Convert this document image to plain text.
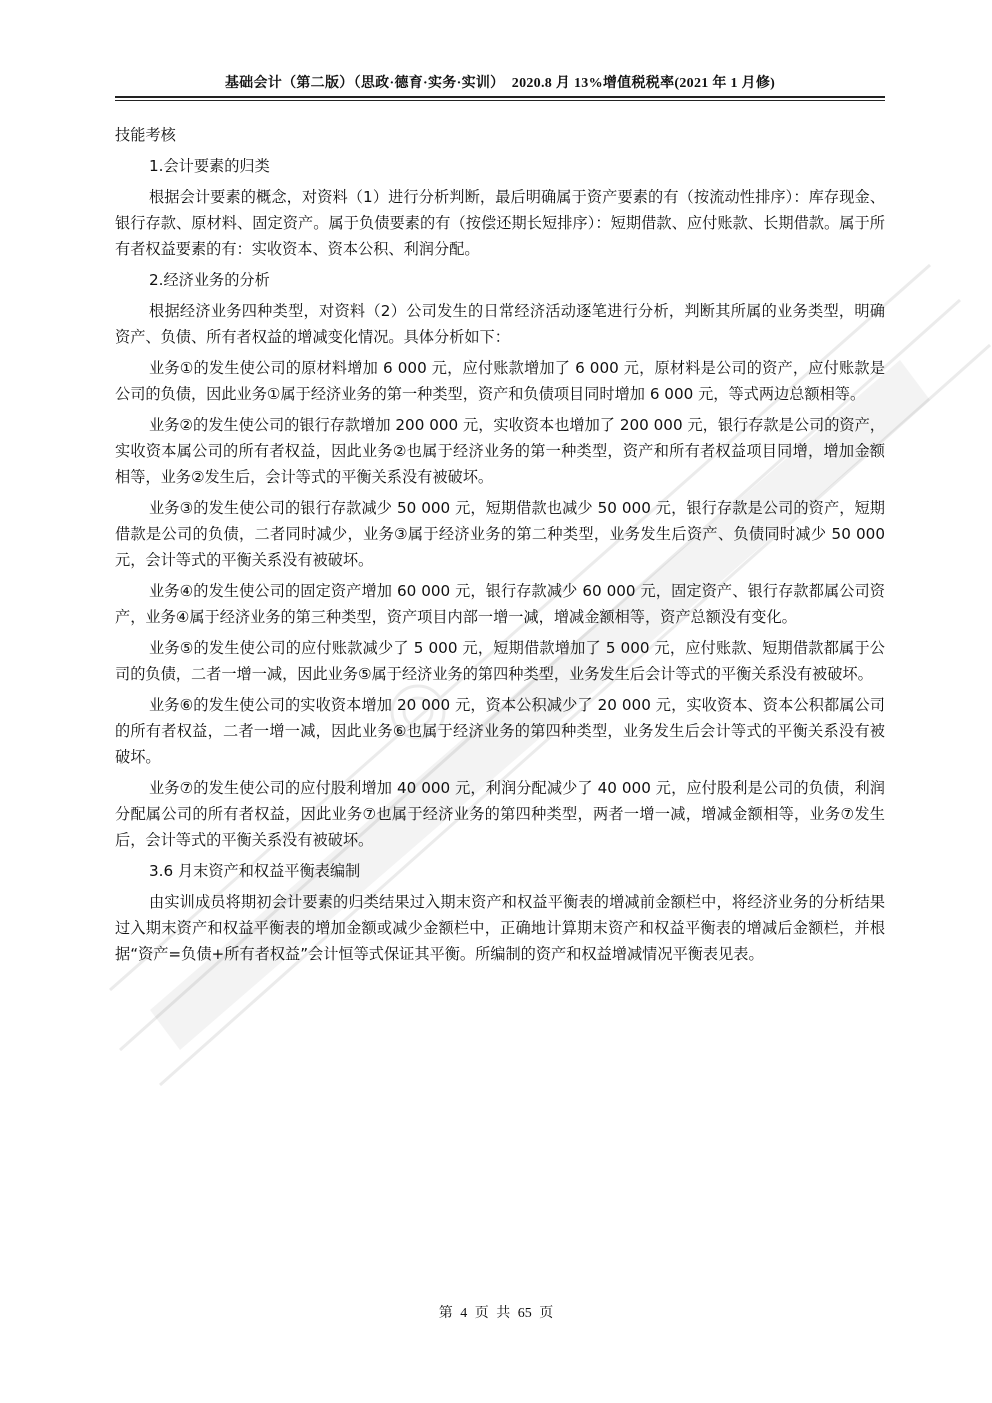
基础会计（第二版）（思政·德育·实务·实训）　2020.8 月 13%增值税税率(2021 年 1 月修)

技能考核

1.会计要素的归类

根据会计要素的概念，对资料（1）进行分析判断，最后明确属于资产要素的有（按流动性排序）：库存现金、银行存款、原材料、固定资产。属于负债要素的有（按偿还期长短排序）：短期借款、应付账款、长期借款。属于所有者权益要素的有：实收资本、资本公积、利润分配。

2.经济业务的分析

根据经济业务四种类型，对资料（2）公司发生的日常经济活动逐笔进行分析，判断其所属的业务类型，明确资产、负债、所有者权益的增减变化情况。具体分析如下：

业务①的发生使公司的原材料增加 6 000 元，应付账款增加了 6 000 元，原材料是公司的资产，应付账款是公司的负债，因此业务①属于经济业务的第一种类型，资产和负债项目同时增加 6 000 元，等式两边总额相等。

业务②的发生使公司的银行存款增加 200 000 元，实收资本也增加了 200 000 元，银行存款是公司的资产，实收资本属公司的所有者权益，因此业务②也属于经济业务的第一种类型，资产和所有者权益项目同增，增加金额相等，业务②发生后，会计等式的平衡关系没有被破坏。

业务③的发生使公司的银行存款减少 50 000 元，短期借款也减少 50 000 元，银行存款是公司的资产，短期借款是公司的负债，二者同时减少，业务③属于经济业务的第二种类型，业务发生后资产、负债同时减少 50 000 元，会计等式的平衡关系没有被破坏。

业务④的发生使公司的固定资产增加 60 000 元，银行存款减少 60 000 元，固定资产、银行存款都属公司资产，业务④属于经济业务的第三种类型，资产项目内部一增一减，增减金额相等，资产总额没有变化。

业务⑤的发生使公司的应付账款减少了 5 000 元，短期借款增加了 5 000 元，应付账款、短期借款都属于公司的负债，二者一增一减，因此业务⑤属于经济业务的第四种类型，业务发生后会计等式的平衡关系没有被破坏。

业务⑥的发生使公司的实收资本增加 20 000 元，资本公积减少了 20 000 元，实收资本、资本公积都属公司的所有者权益，二者一增一减，因此业务⑥也属于经济业务的第四种类型，业务发生后会计等式的平衡关系没有被破坏。

业务⑦的发生使公司的应付股利增加 40 000 元，利润分配减少了 40 000 元，应付股利是公司的负债，利润分配属公司的所有者权益，因此业务⑦也属于经济业务的第四种类型，两者一增一减，增减金额相等，业务⑦发生后，会计等式的平衡关系没有被破坏。

3.6 月末资产和权益平衡表编制

由实训成员将期初会计要素的归类结果过入期末资产和权益平衡表的增减前金额栏中，将经济业务的分析结果过入期末资产和权益平衡表的增加金额或减少金额栏中，正确地计算期末资产和权益平衡表的增减后金额栏，并根据“资产=负债+所有者权益”会计恒等式保证其平衡。所编制的资产和权益增减情况平衡表见表。

第 4 页 共 65 页
